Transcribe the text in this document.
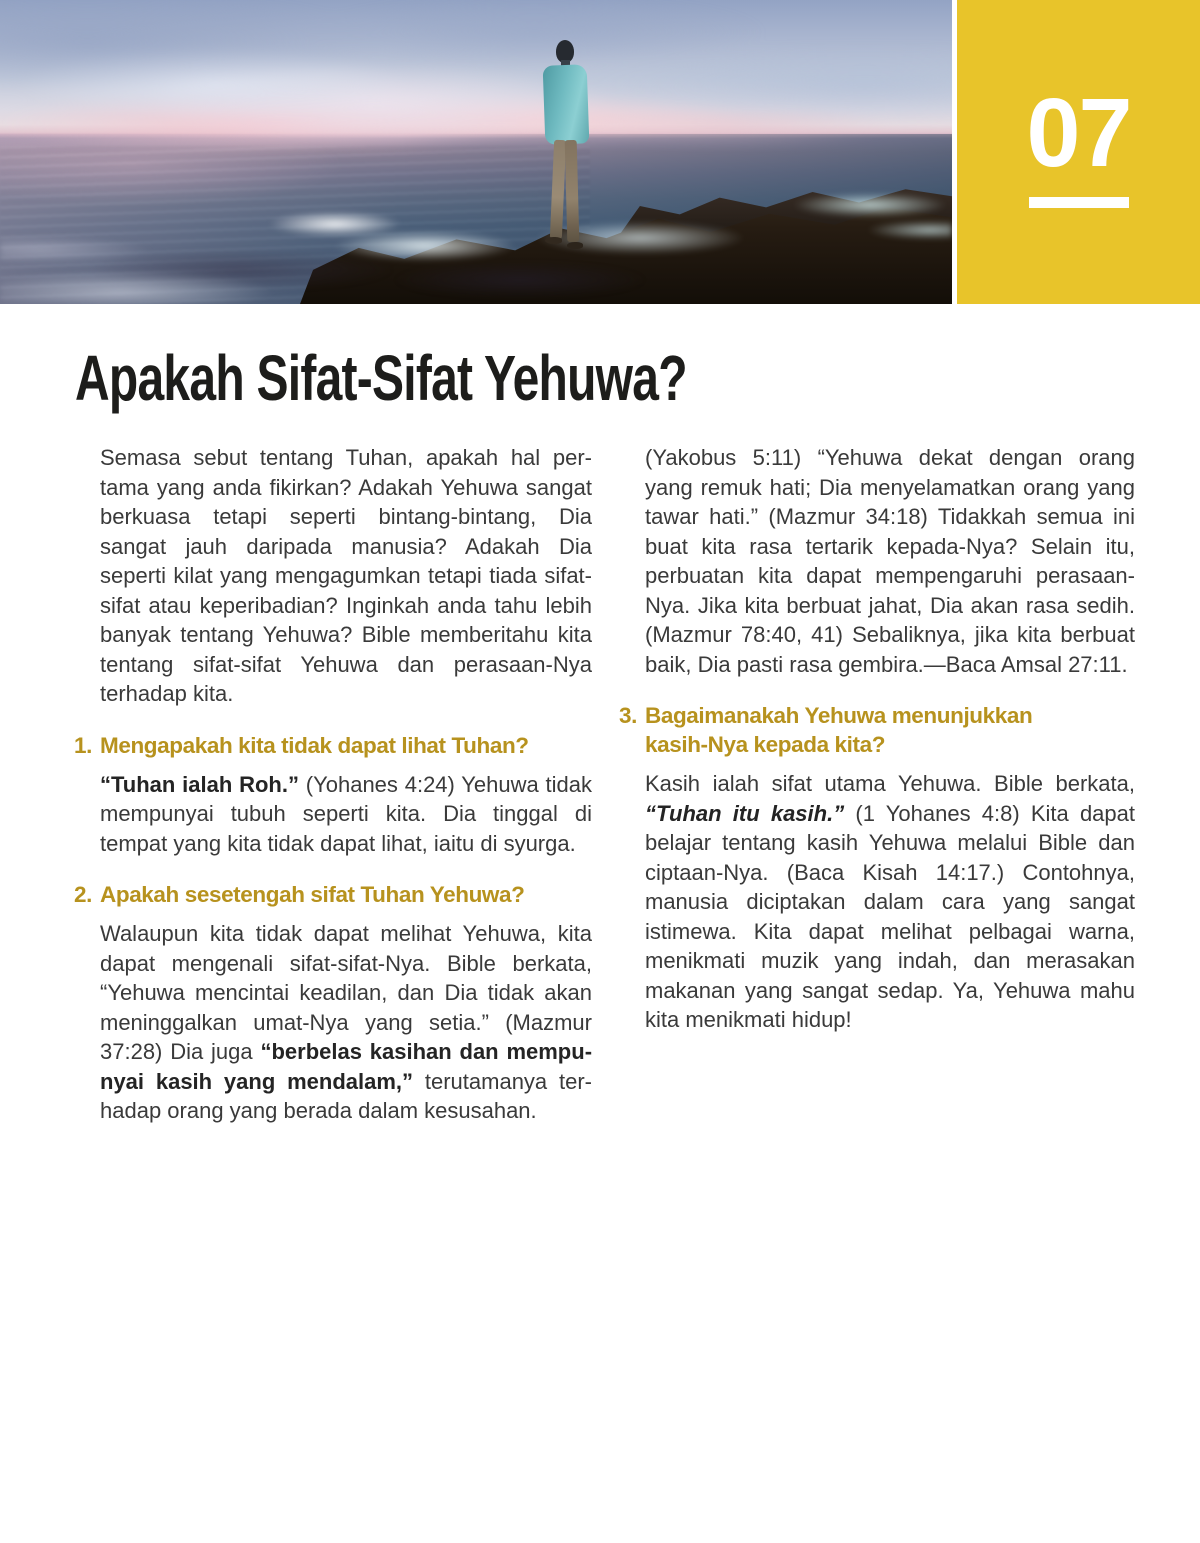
07
Apakah Sifat-Sifat Yehuwa?

Semasa sebut tentang Tuhan, apakah hal pertama yang anda fikirkan? Adakah Yehuwa sangat berkuasa tetapi seperti bintang-bintang, Dia sangat jauh daripada manusia? Adakah Dia seperti kilat yang mengagumkan tetapi tiada sifat-sifat atau keperibadian? Inginkah anda tahu lebih banyak tentang Yehuwa? Bible memberitahu kita tentang sifat-sifat Yehuwa dan perasaan-Nya terhadap kita.

1. Mengapakah kita tidak dapat lihat Tuhan?

“Tuhan ialah Roh.” (Yohanes 4:24) Yehuwa tidak mempunyai tubuh seperti kita. Dia tinggal di tempat yang kita tidak dapat lihat, iaitu di syurga.

2. Apakah sesetengah sifat Tuhan Yehuwa?

Walaupun kita tidak dapat melihat Yehuwa, kita dapat mengenali sifat-sifat-Nya. Bible berkata, “Yehuwa mencintai keadilan, dan Dia tidak akan meninggalkan umat-Nya yang setia.” (Mazmur 37:28) Dia juga “berbelas kasihan dan mempunyai kasih yang mendalam,” terutamanya terhadap orang yang berada dalam kesusahan.

(Yakobus 5:11) “Yehuwa dekat dengan orang yang remuk hati; Dia menyelamatkan orang yang tawar hati.” (Mazmur 34:18) Tidakkah semua ini buat kita rasa tertarik kepada-Nya? Selain itu, perbuatan kita dapat mempengaruhi perasaan-Nya. Jika kita berbuat jahat, Dia akan rasa sedih. (Mazmur 78:40, 41) Sebaliknya, jika kita berbuat baik, Dia pasti rasa gembira.—Baca Amsal 27:11.

3. Bagaimanakah Yehuwa menunjukkan kasih-Nya kepada kita?

Kasih ialah sifat utama Yehuwa. Bible berkata, “Tuhan itu kasih.” (1 Yohanes 4:8) Kita dapat belajar tentang kasih Yehuwa melalui Bible dan ciptaan-Nya. (Baca Kisah 14:17.) Contohnya, manusia diciptakan dalam cara yang sangat istimewa. Kita dapat melihat pelbagai warna, menikmati muzik yang indah, dan merasakan makanan yang sangat sedap. Ya, Yehuwa mahu kita menikmati hidup!
